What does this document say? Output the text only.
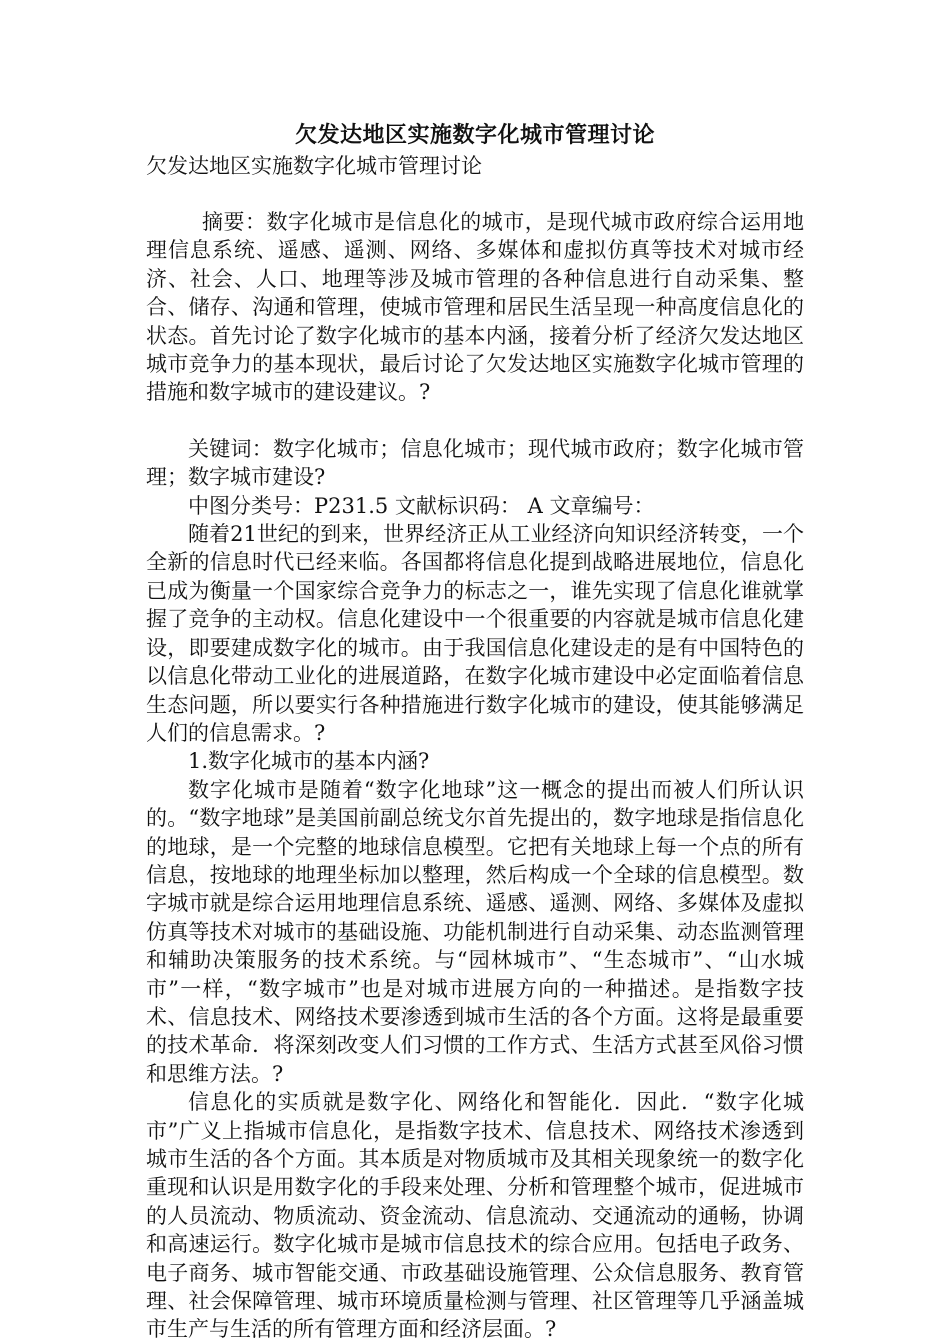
欠发达地区实施数字化城市管理讨论

欠发达地区实施数字化城市管理讨论

摘要：数字化城市是信息化的城市，是现代城市政府综合运用地理信息系统、遥感、遥测、网络、多媒体和虚拟仿真等技术对城市经济、社会、人口、地理等涉及城市管理的各种信息进行自动采集、整合、储存、沟通和管理，使城市管理和居民生活呈现一种高度信息化的状态。首先讨论了数字化城市的基本内涵，接着分析了经济欠发达地区城市竞争力的基本现状，最后讨论了欠发达地区实施数字化城市管理的措施和数字城市的建设建议。?

关键词：数字化城市；信息化城市；现代城市政府；数字化城市管理；数字城市建设?

中图分类号：P231.5 文献标识码： A 文章编号：

随着21世纪的到来，世界经济正从工业经济向知识经济转变，一个全新的信息时代已经来临。各国都将信息化提到战略进展地位，信息化已成为衡量一个国家综合竞争力的标志之一，谁先实现了信息化谁就掌握了竞争的主动权。信息化建设中一个很重要的内容就是城市信息化建设，即要建成数字化的城市。由于我国信息化建设走的是有中国特色的以信息化带动工业化的进展道路，在数字化城市建设中必定面临着信息生态问题，所以要实行各种措施进行数字化城市的建设，使其能够满足人们的信息需求。?

1.数字化城市的基本内涵?

数字化城市是随着“数字化地球”这一概念的提出而被人们所认识的。“数字地球”是美国前副总统戈尔首先提出的，数字地球是指信息化的地球，是一个完整的地球信息模型。它把有关地球上每一个点的所有信息，按地球的地理坐标加以整理，然后构成一个全球的信息模型。数字城市就是综合运用地理信息系统、遥感、遥测、网络、多媒体及虚拟仿真等技术对城市的基础设施、功能机制进行自动采集、动态监测管理和辅助决策服务的技术系统。与“园林城市”、“生态城市”、“山水城市”一样，“数字城市”也是对城市进展方向的一种描述。是指数字技术、信息技术、网络技术要渗透到城市生活的各个方面。这将是最重要的技术革命．将深刻改变人们习惯的工作方式、生活方式甚至风俗习惯和思维方法。?

信息化的实质就是数字化、网络化和智能化．因此．“数字化城市”广义上指城市信息化，是指数字技术、信息技术、网络技术渗透到城市生活的各个方面。其本质是对物质城市及其相关现象统一的数字化重现和认识是用数字化的手段来处理、分析和管理整个城市，促进城市的人员流动、物质流动、资金流动、信息流动、交通流动的通畅，协调和高速运行。数字化城市是城市信息技术的综合应用。包括电子政务、电子商务、城市智能交通、市政基础设施管理、公众信息服务、教育管理、社会保障管理、城市环境质量检测与管理、社区管理等几乎涵盖城市生产与生活的所有管理方面和经济层面。?
